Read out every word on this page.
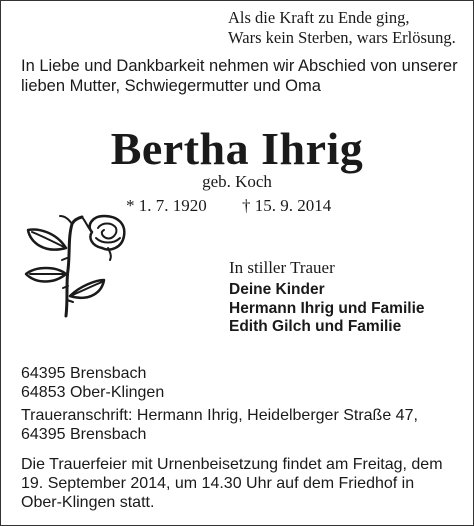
Als die Kraft zu Ende ging,
Wars kein Sterben, wars Erlösung.
In Liebe und Dankbarkeit nehmen wir Abschied von unserer
lieben Mutter, Schwiegermutter und Oma
Bertha Ihrig
geb. Koch
* 1. 7. 1920 † 15. 9. 2014
In stiller Trauer
Deine Kinder
Hermann Ihrig und Familie
Edith Gilch und Familie
64395 Brensbach
64853 Ober-Klingen
Traueranschrift: Hermann Ihrig, Heidelberger Straße 47,
64395 Brensbach
Die Trauerfeier mit Urnenbeisetzung findet am Freitag, dem
19. September 2014, um 14.30 Uhr auf dem Friedhof in
Ober-Klingen statt.
